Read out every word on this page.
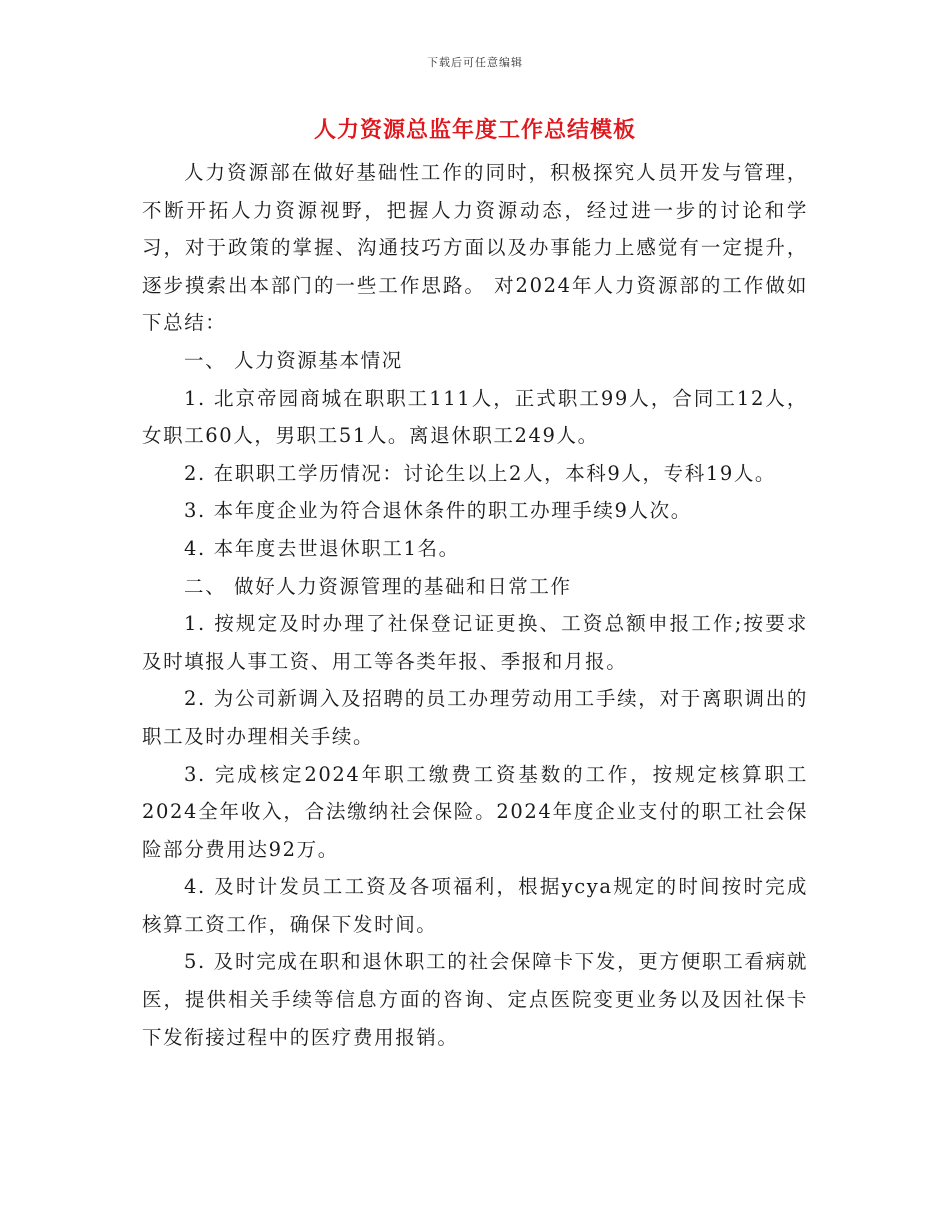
下载后可任意编辑
人力资源总监年度工作总结模板

人力资源部在做好基础性工作的同时，积极探究人员开发与管理，不断开拓人力资源视野，把握人力资源动态，经过进一步的讨论和学习，对于政策的掌握、沟通技巧方面以及办事能力上感觉有一定提升，逐步摸索出本部门的一些工作思路。 对2024年人力资源部的工作做如下总结：

一、 人力资源基本情况

1. 北京帝园商城在职职工111人，正式职工99人，合同工12人，女职工60人，男职工51人。离退休职工249人。

2. 在职职工学历情况：讨论生以上2人，本科9人，专科19人。

3. 本年度企业为符合退休条件的职工办理手续9人次。

4. 本年度去世退休职工1名。

二、 做好人力资源管理的基础和日常工作

1. 按规定及时办理了社保登记证更换、工资总额申报工作;按要求及时填报人事工资、用工等各类年报、季报和月报。

2. 为公司新调入及招聘的员工办理劳动用工手续，对于离职调出的职工及时办理相关手续。

3. 完成核定2024年职工缴费工资基数的工作，按规定核算职工2024全年收入，合法缴纳社会保险。2024年度企业支付的职工社会保险部分费用达92万。

4. 及时计发员工工资及各项福利，根据ycya规定的时间按时完成核算工资工作，确保下发时间。

5. 及时完成在职和退休职工的社会保障卡下发，更方便职工看病就医，提供相关手续等信息方面的咨询、定点医院变更业务以及因社保卡下发衔接过程中的医疗费用报销。
